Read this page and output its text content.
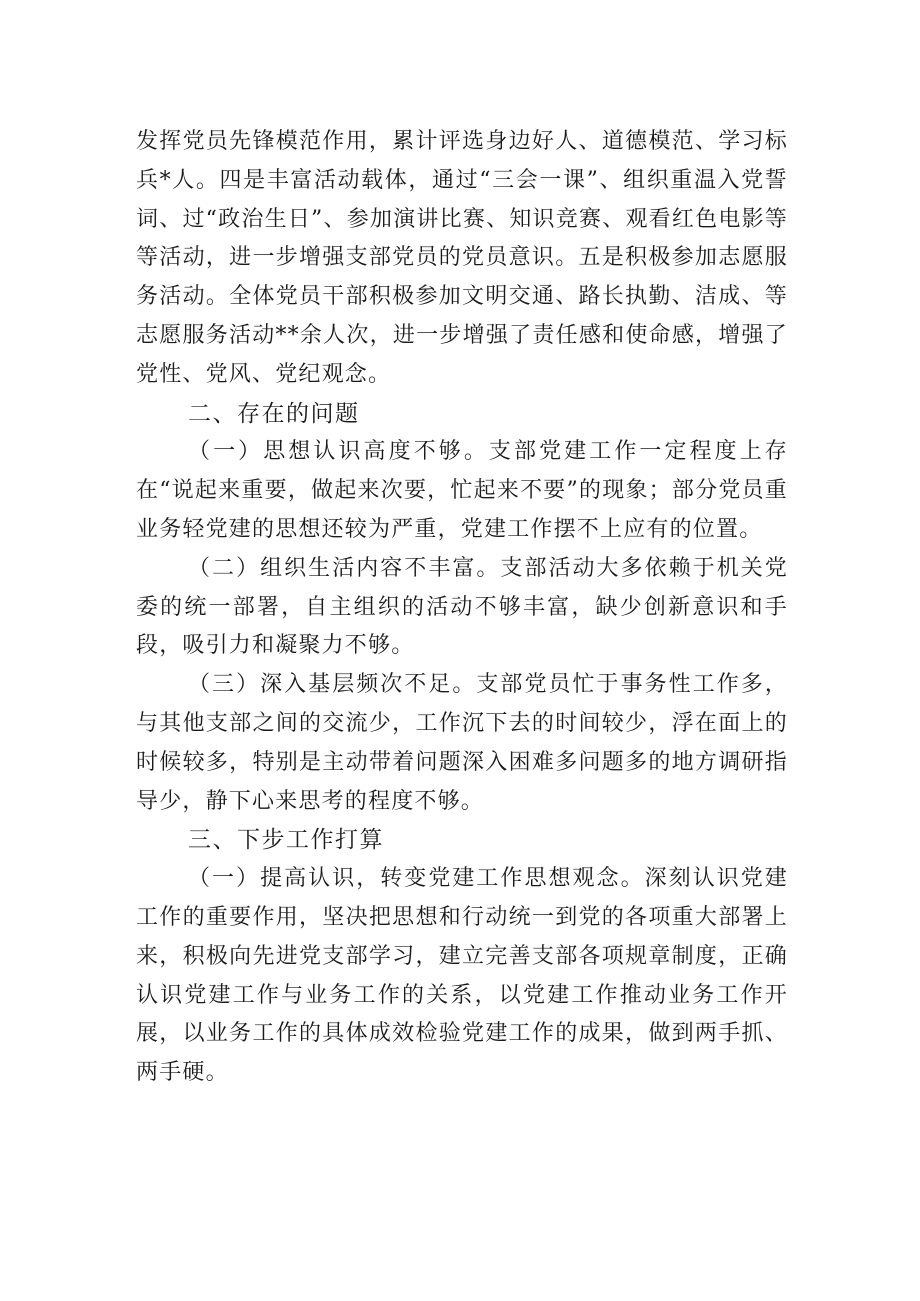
发挥党员先锋模范作用，累计评选身边好人、道德模范、学习标兵*人。四是丰富活动载体，通过“三会一课”、组织重温入党誓词、过“政治生日”、参加演讲比赛、知识竞赛、观看红色电影等等活动，进一步增强支部党员的党员意识。五是积极参加志愿服务活动。全体党员干部积极参加文明交通、路长执勤、洁成、等志愿服务活动**余人次，进一步增强了责任感和使命感，增强了党性、党风、党纪观念。

二、存在的问题

（一）思想认识高度不够。支部党建工作一定程度上存在“说起来重要，做起来次要，忙起来不要”的现象；部分党员重业务轻党建的思想还较为严重，党建工作摆不上应有的位置。

（二）组织生活内容不丰富。支部活动大多依赖于机关党委的统一部署，自主组织的活动不够丰富，缺少创新意识和手段，吸引力和凝聚力不够。

（三）深入基层频次不足。支部党员忙于事务性工作多，与其他支部之间的交流少，工作沉下去的时间较少，浮在面上的时候较多，特别是主动带着问题深入困难多问题多的地方调研指导少，静下心来思考的程度不够。

三、下步工作打算

（一）提高认识，转变党建工作思想观念。深刻认识党建工作的重要作用，坚决把思想和行动统一到党的各项重大部署上来，积极向先进党支部学习，建立完善支部各项规章制度，正确认识党建工作与业务工作的关系，以党建工作推动业务工作开展，以业务工作的具体成效检验党建工作的成果，做到两手抓、两手硬。
